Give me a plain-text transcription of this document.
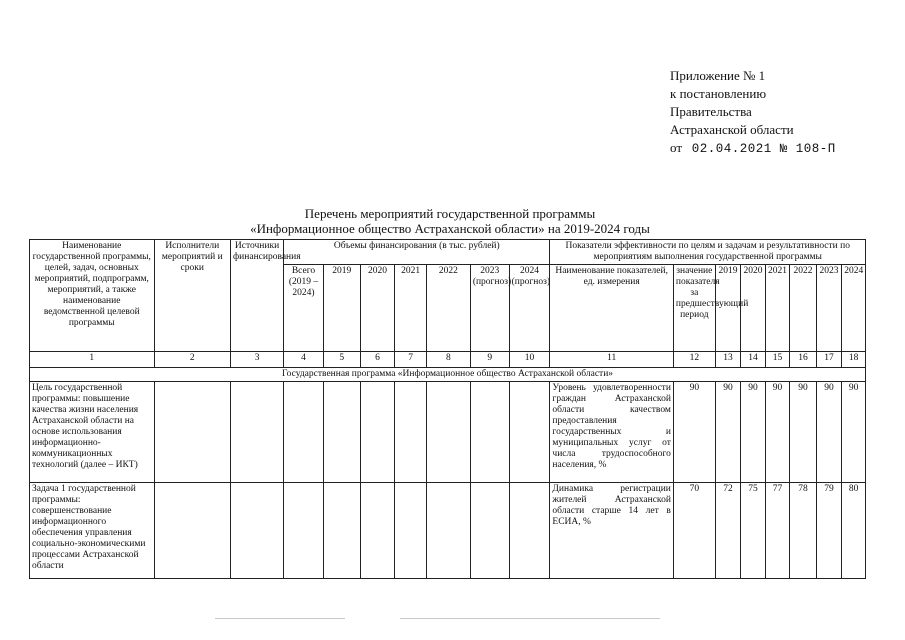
Приложение № 1
к постановлению
Правительства
Астраханской области
от 02.04.2021 № 108-П
Перечень мероприятий государственной программы
«Информационное общество Астраханской области» на 2019-2024 годы
Наименование государственной программы, целей, задач, основных мероприятий, подпрограмм, мероприятий, а также наименование ведомственной целевой программы	Исполнители мероприятий и сроки	Источники финансирования	Объемы финансирования (в тыс. рублей)							Показатели эффективности по целям и задачам и результативности по мероприятиям выполнения государственной программы							
			Всего (2019 – 2024)	2019	2020	2021	2022	2023 (прогноз)	2024 (прогноз)	Наименование показателей, ед. измерения	значение показателя за предшествующий период	2019	2020	2021	2022	2023	2024
1	2	3	4	5	6	7	8	9	10	11	12	13	14	15	16	17	18
Государственная программа «Информационное общество Астраханской области»																	
Цель государственной программы: повышение качества жизни населения Астраханской области на основе использования информационно-коммуникационных технологий (далее – ИКТ)										Уровень удовлетворенности граждан Астраханской области качеством предоставления государственных и муниципальных услуг от числа трудоспособного населения, %	90	90	90	90	90	90	90
Задача 1 государственной программы: совершенствование информационного обеспечения управления социально-экономическими процессами Астраханской области										Динамика регистрации жителей Астраханской области старше 14 лет в ЕСИА, %	70	72	75	77	78	79	80
